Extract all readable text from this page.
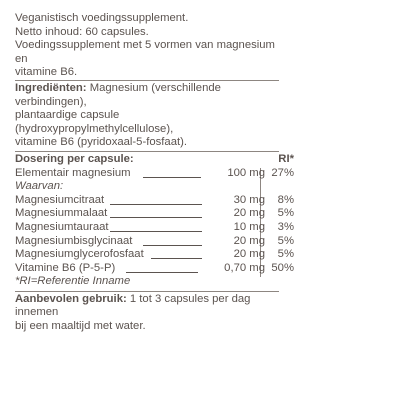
Veganistisch voedingssupplement.

Netto inhoud: 60 capsules.

Voedingssupplement met 5 vormen van magnesium en

vitamine B6.

Ingrediënten: Magnesium (verschillende verbindingen),
plantaardige capsule (hydroxypropylmethylcellulose),
vitamine B6 (pyridoxaal-5-fosfaat).
Dosering per capsule:	RI*
Elementair magnesium	100 mg 27%
Waarvan:
Magnesiumcitraat	30 mg	8%
Magnesiummalaat	20 mg	5%
Magnesiumtauraat	10 mg	3%
Magnesiumbisglycinaat	20 mg	5%
Magnesiumglycerofosfaat	20 mg	5%
Vitamine B6 (P-5-P)	0,70 mg 50%
*RI=Referentie Inname
Aanbevolen gebruik: 1 tot 3 capsules per dag innemen
bij een maaltijd met water.
